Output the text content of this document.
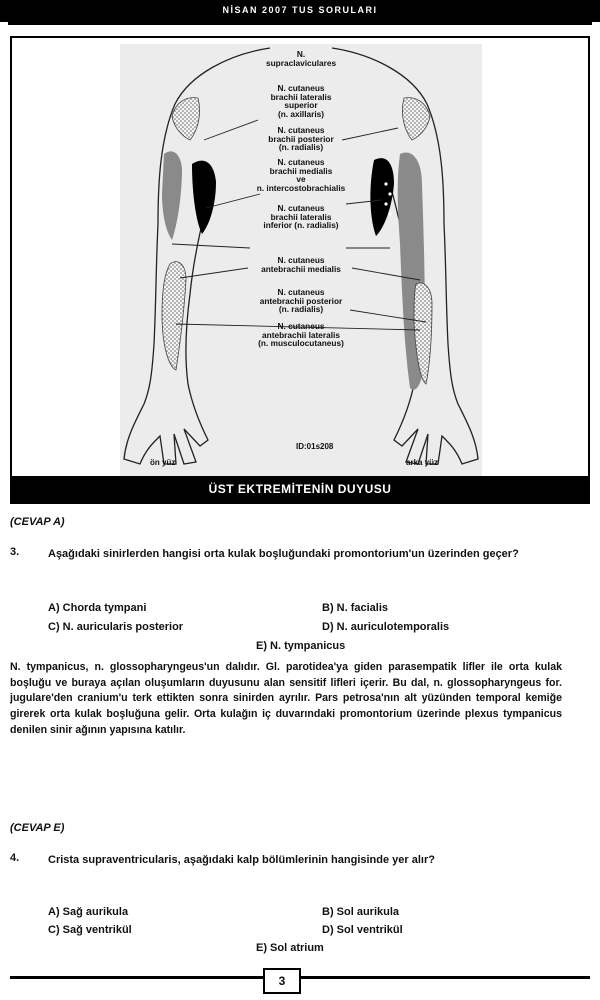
NİSAN 2007 TUS SORULARI
N.
supraclaviculares
N. cutaneus
brachii lateralis
superior
(n. axillaris)
N. cutaneus
brachii posterior
(n. radialis)
N. cutaneus
brachii medialis
ve
n. intercostobrachialis
N. cutaneus
brachii lateralis
inferior (n. radialis)
N. cutaneus
antebrachii medialis
N. cutaneus
antebrachii posterior
(n. radialis)
N. cutaneus
antebrachii lateralis
(n. musculocutaneus)
ID:01s208
ön yüz	arka yüz
ÜST EKTREMİTENİN DUYUSU
(CEVAP A)
3.	Aşağıdaki sinirlerden hangisi orta kulak boşluğundaki promontorium'un üzerinden geçer?
A) Chorda tympani	B) N. facialis
C) N. auricularis posterior	D) N. auriculotemporalis
E) N. tympanicus
N. tympanicus, n. glossopharyngeus'un dalıdır. Gl. parotidea'ya giden parasempatik lifler ile orta kulak boşluğu ve buraya açılan oluşumların duyusunu alan sensitif lifleri içerir. Bu dal, n. glossopharyngeus for. jugulare'den cranium'u terk ettikten sonra sinirden ayrılır. Pars petrosa'nın alt yüzünden temporal kemiğe girerek orta kulak boşluğuna gelir. Orta kulağın iç duvarındaki promontorium üzerinde plexus tympanicus denilen sinir ağının yapısına katılır.
(CEVAP E)
4.	Crista supraventricularis, aşağıdaki kalp bölümlerinin hangisinde yer alır?
A) Sağ aurikula	B) Sol aurikula
C) Sağ ventrikül	D) Sol ventrikül
E) Sol atrium
3
